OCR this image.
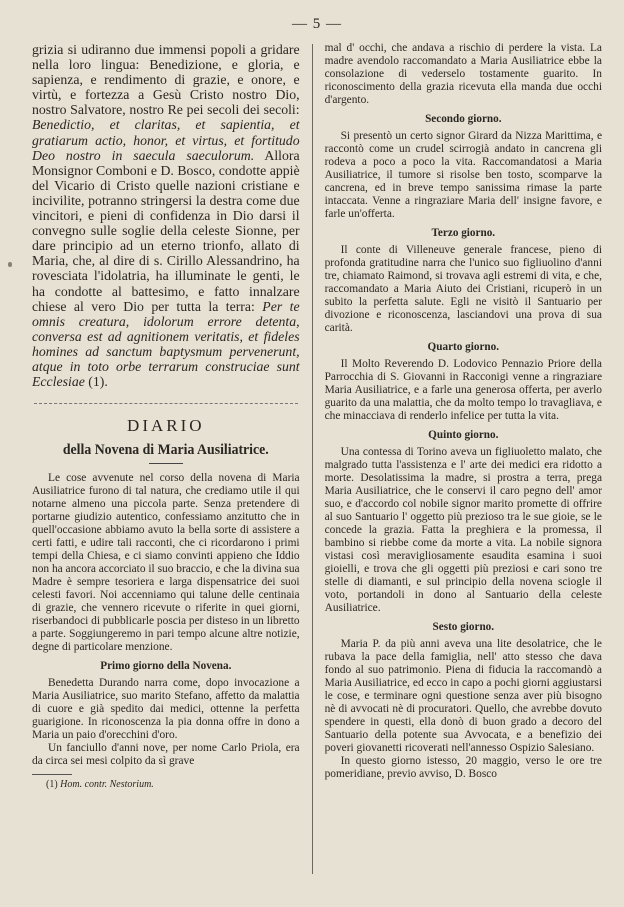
— 5 —

grizia si udiranno due immensi popoli a gridare nella loro lingua: Benedizione, e gloria, e sapienza, e rendimento di grazie, e onore, e virtù, e fortezza a Gesù Cristo nostro Dio, nostro Salvatore, nostro Re pei secoli dei secoli: Benedictio, et claritas, et sapientia, et gratiarum actio, honor, et virtus, et fortitudo Deo nostro in saecula saeculorum. Allora Monsignor Comboni e D. Bosco, condotte appiè del Vicario di Cristo quelle nazioni cristiane e incivilite, potranno stringersi la destra come due vincitori, e pieni di confidenza in Dio darsi il convegno sulle soglie della celeste Sionne, per dare principio ad un eterno trionfo, allato di Maria, che, al dire di s. Cirillo Alessandrino, ha rovesciata l'idolatria, ha illuminate le genti, le ha condotte al battesimo, e fatto innalzare chiese al vero Dio per tutta la terra: Per te omnis creatura, idolorum errore detenta, conversa est ad agnitionem veritatis, et fideles homines ad sanctum baptysmum pervenerunt, atque in toto orbe terrarum construciae sunt Ecclesiae (1).

DIARIO
della Novena di Maria Ausiliatrice.

Le cose avvenute nel corso della novena di Maria Ausiliatrice furono di tal natura, che crediamo utile il qui notarne almeno una piccola parte. Senza pretendere di portarne giudizio autentico, confessiamo anzitutto che in quell'occasione abbiamo avuto la bella sorte di assistere a certi fatti, e udire tali racconti, che ci ricordarono i primi tempi della Chiesa, e ci siamo convinti appieno che Iddio non ha ancora accorciato il suo braccio, e che la divina sua Madre è sempre tesoriera e larga dispensatrice dei suoi celesti favori. Noi accenniamo qui talune delle centinaia di grazie, che vennero ricevute o riferite in quei giorni, riserbandoci di pubblicarle poscia per disteso in un libretto a parte. Soggiungeremo in pari tempo alcune altre notizie, degne di particolare menzione.

Primo giorno della Novena.

Benedetta Durando narra come, dopo invocazione a Maria Ausiliatrice, suo marito Stefano, affetto da malattia di cuore e già spedito dai medici, ottenne la perfetta guarigione. In riconoscenza la pia donna offre in dono a Maria un paio d'orecchini d'oro.

Un fanciullo d'anni nove, per nome Carlo Priola, era da circa sei mesi colpito da sì grave

(1) Hom. contr. Nestorium.

mal d' occhi, che andava a rischio di perdere la vista. La madre avendolo raccomandato a Maria Ausiliatrice ebbe la consolazione di vederselo tostamente guarito. In riconoscimento della grazia ricevuta ella manda due occhi d'argento.

Secondo giorno.

Si presentò un certo signor Girard da Nizza Marittima, e raccontò come un crudel scirrogià andato in cancrena gli rodeva a poco a poco la vita. Raccomandatosi a Maria Ausiliatrice, il tumore si risolse ben tosto, scomparve la cancrena, ed in breve tempo sanissima rimase la parte intaccata. Venne a ringraziare Maria dell' insigne favore, e farle un'offerta.

Terzo giorno.

Il conte di Villeneuve generale francese, pieno di profonda gratitudine narra che l'unico suo figliuolino d'anni tre, chiamato Raimond, si trovava agli estremi di vita, e che, raccomandato a Maria Aiuto dei Cristiani, ricuperò in un subito la perfetta salute. Egli ne visitò il Santuario per divozione e riconoscenza, lasciandovi una prova di sua carità.

Quarto giorno.

Il Molto Reverendo D. Lodovico Pennazio Priore della Parrocchia di S. Giovanni in Racconigi venne a ringraziare Maria Ausiliatrice, e a farle una generosa offerta, per averlo guarito da una malattia, che da molto tempo lo travagliava, e che minacciava di renderlo infelice per tutta la vita.

Quinto giorno.

Una contessa di Torino aveva un figliuoletto malato, che malgrado tutta l'assistenza e l' arte dei medici era ridotto a morte. Desolatissima la madre, si prostra a terra, prega Maria Ausiliatrice, che le conservi il caro pegno dell' amor suo, e d'accordo col nobile signor marito promette di offrire al suo Santuario l' oggetto più prezioso tra le sue gioie, se le concede la grazia. Fatta la preghiera e la promessa, il bambino si riebbe come da morte a vita. La nobile signora vistasi così meravigliosamente esaudita esamina i suoi gioielli, e trova che gli oggetti più preziosi e cari sono tre stelle di diamanti, e sul principio della novena sciogle il voto, portandoli in dono al Santuario della celeste Ausiliatrice.

Sesto giorno.

Maria P. da più anni aveva una lite desolatrice, che le rubava la pace della famiglia, nell' atto stesso che dava fondo al suo patrimonio. Piena di fiducia la raccomandò a Maria Ausiliatrice, ed ecco in capo a pochi giorni aggiustarsi le cose, e terminare ogni questione senza aver più bisogno nè di avvocati nè di procuratori. Quello, che avrebbe dovuto spendere in questi, ella donò di buon grado a decoro del Santuario della potente sua Avvocata, e a benefizio dei poveri giovanetti ricoverati nell'annesso Ospizio Salesiano.

In questo giorno istesso, 20 maggio, verso le ore tre pomeridiane, previo avviso, D. Bosco
